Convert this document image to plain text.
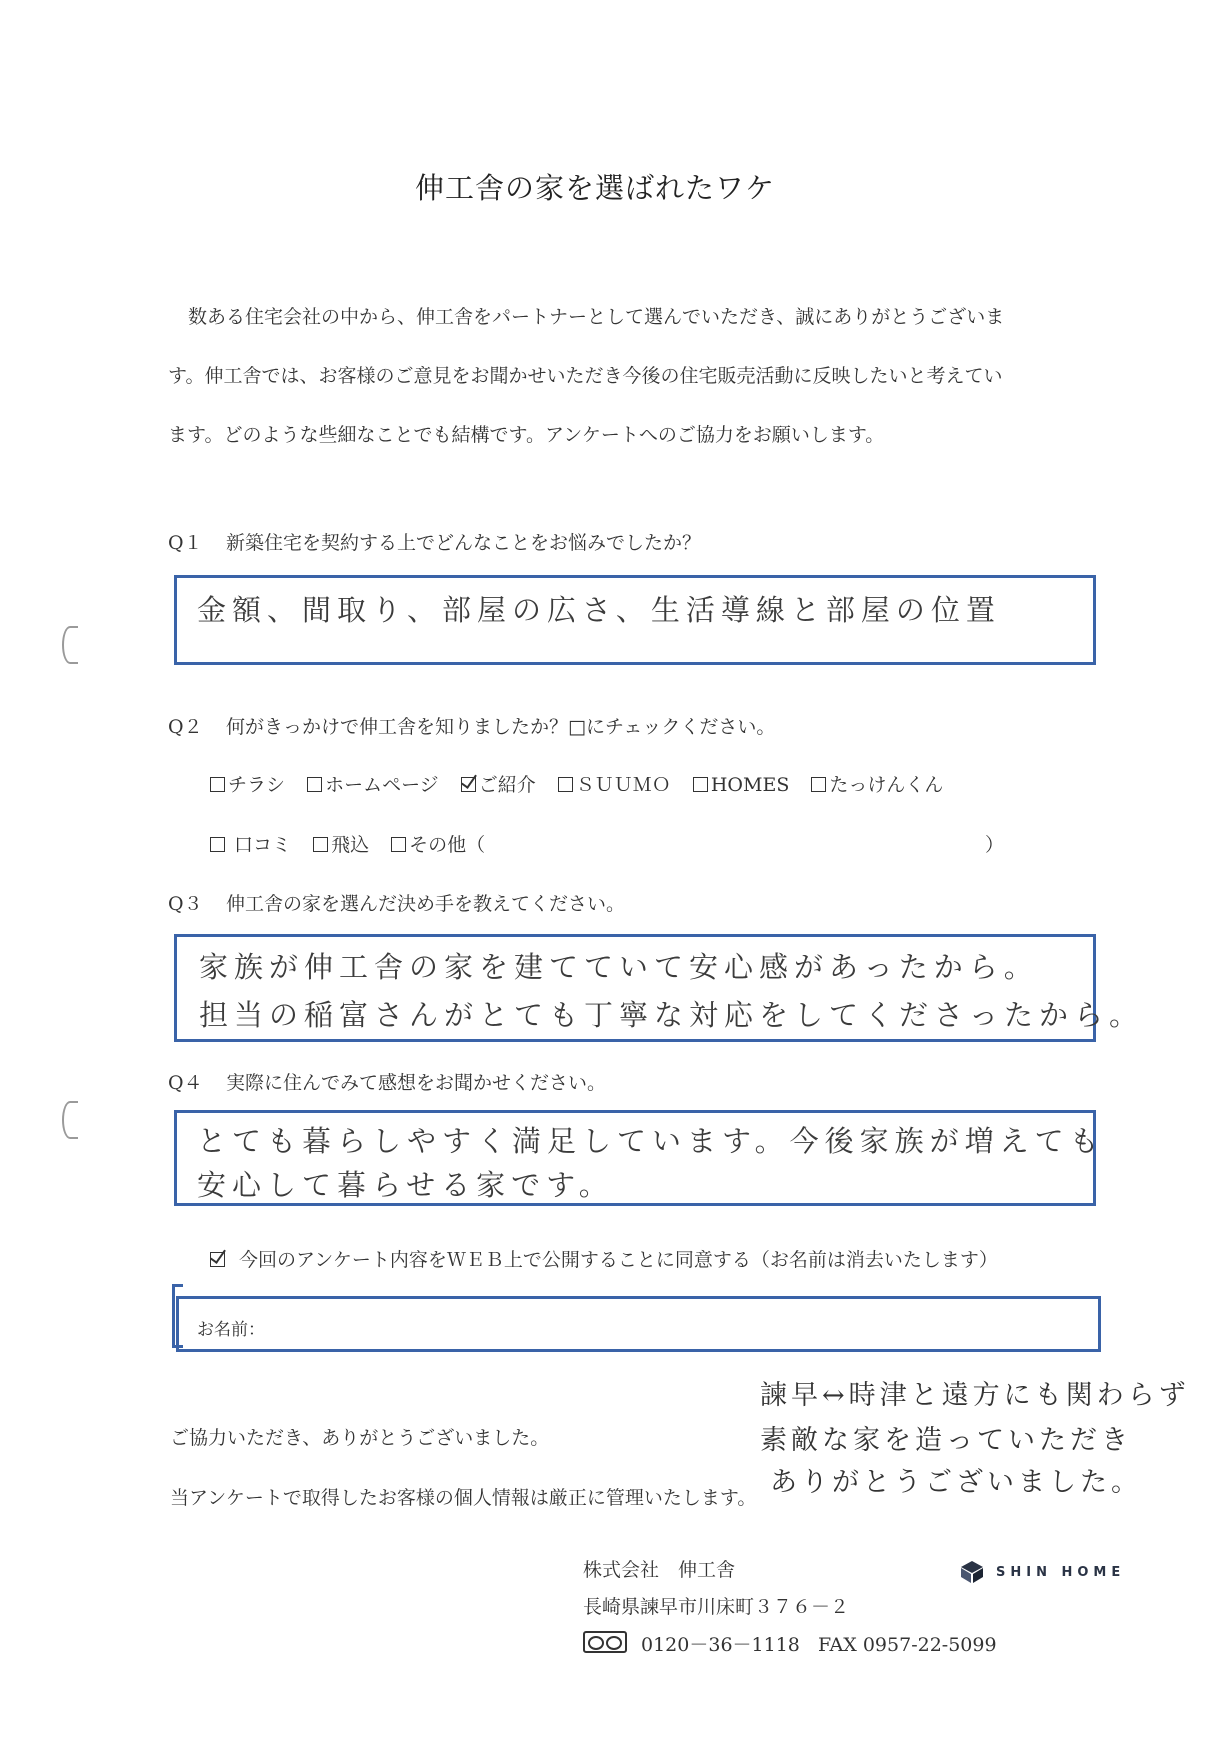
伸工舎の家を選ばれたワケ
数ある住宅会社の中から、伸工舎をパートナーとして選んでいただき、誠にありがとうございま
す。伸工舎では、お客様のご意見をお聞かせいただき今後の住宅販売活動に反映したいと考えてい
ます。どのような些細なことでも結構です。アンケートへのご協力をお願いします。
Q１ 新築住宅を契約する上でどんなことをお悩みでしたか？
金額、間取り、部屋の広さ、生活導線と部屋の位置
Q２ 何がきっかけで伸工舎を知りましたか？□にチェックください。
チラシ ホームページ ご紹介 ＳＵＵＭＯ HOMES たっけんくん
口コミ 飛込 その他（	）
Q３ 伸工舎の家を選んだ決め手を教えてください。
家族が伸工舎の家を建てていて安心感があったから。
担当の稲富さんがとても丁寧な対応をしてくださったから。
Q４ 実際に住んでみて感想をお聞かせください。
とても暮らしやすく満足しています。今後家族が増えても
安心して暮らせる家です。
今回のアンケート内容をＷＥＢ上で公開することに同意する（お名前は消去いたします）
お名前：
諫早↔時津と遠方にも関わらず
素敵な家を造っていただき
ありがとうございました。
ご協力いただき、ありがとうございました。
当アンケートで取得したお客様の個人情報は厳正に管理いたします。
株式会社　伸工舎
長崎県諫早市川床町３７６－２
0120－36－1118 FAX 0957-22-5099
SHIN HOME
